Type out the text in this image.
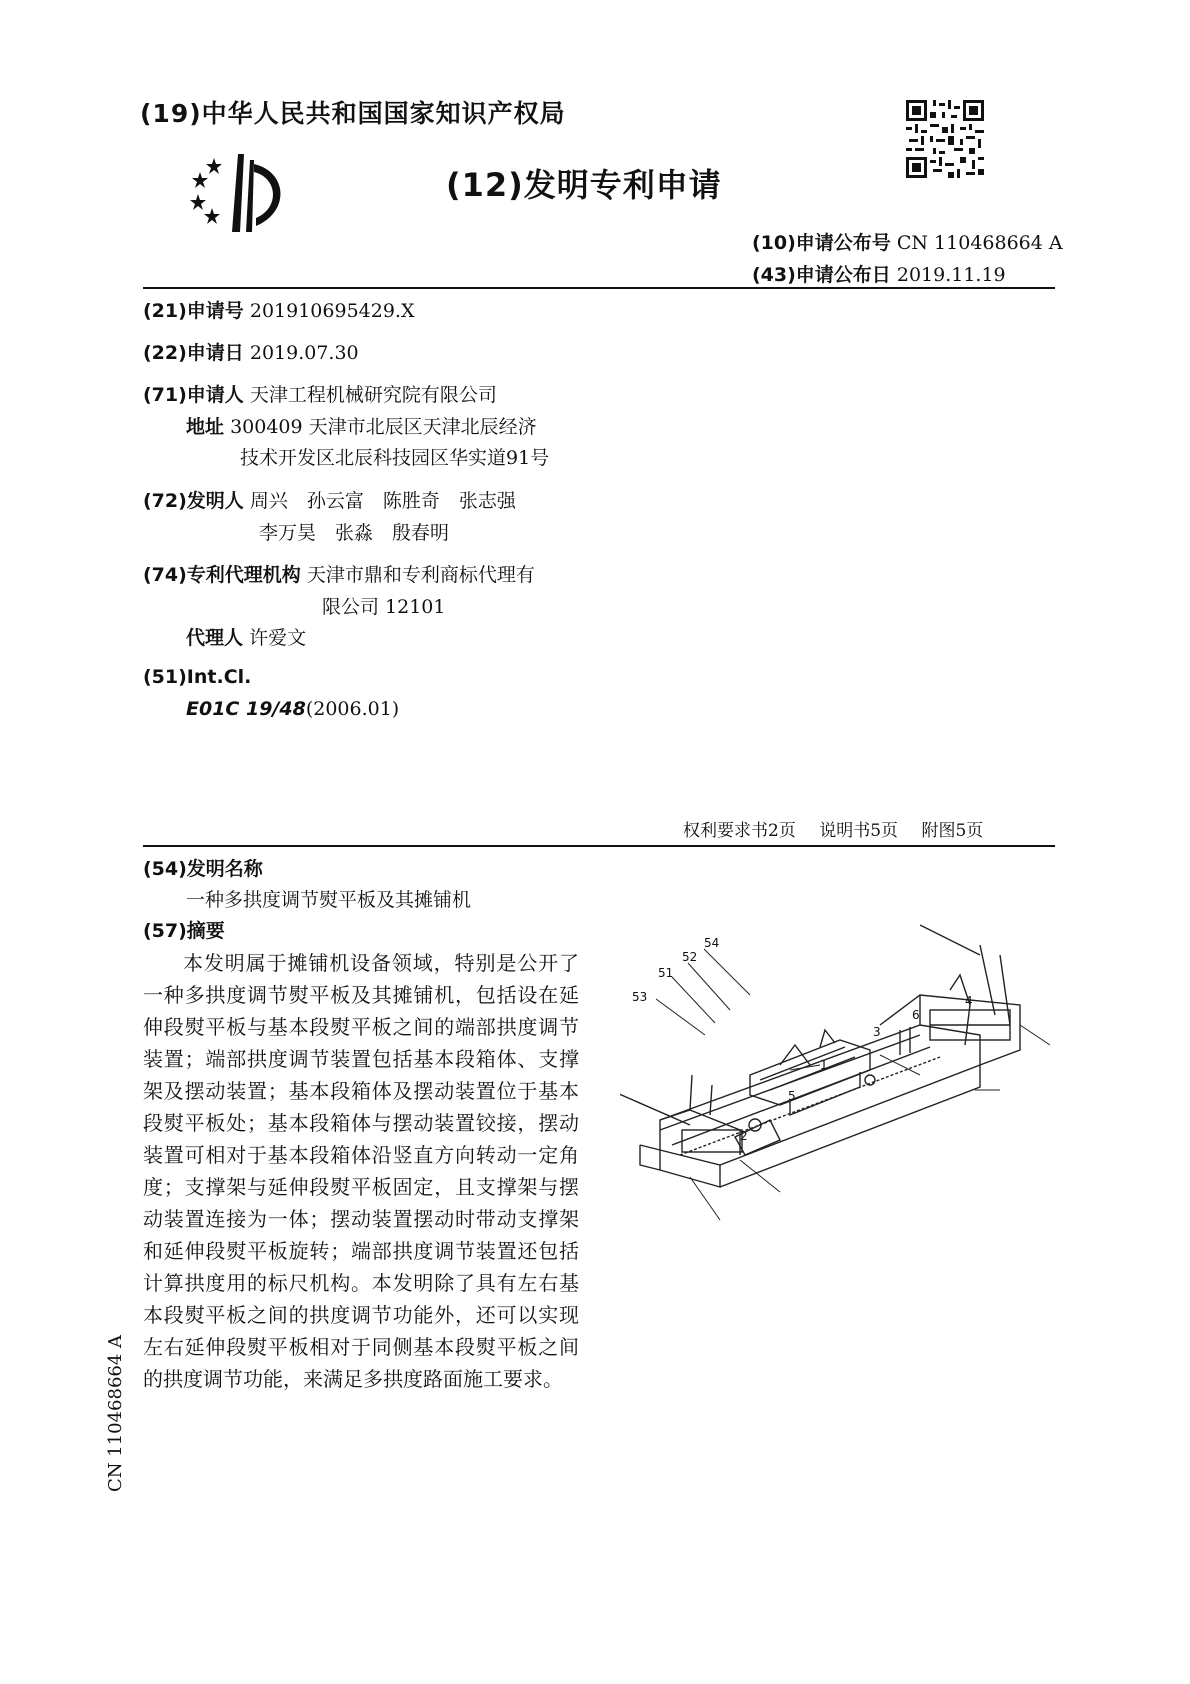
(19)中华人民共和国国家知识产权局
(12)发明专利申请
(10)申请公布号 CN 110468664 A
(43)申请公布日 2019.11.19
(21)申请号 201910695429.X
(22)申请日 2019.07.30
(71)申请人 天津工程机械研究院有限公司
地址 300409 天津市北辰区天津北辰经济
技术开发区北辰科技园区华实道91号
(72)发明人 周兴　孙云富　陈胜奇　张志强
李万昊　张淼　殷春明
(74)专利代理机构 天津市鼎和专利商标代理有
限公司 12101
代理人 许爱文
(51)Int.Cl.
E01C 19/48(2006.01)
权利要求书2页 说明书5页 附图5页
(54)发明名称
一种多拱度调节熨平板及其摊铺机
(57)摘要

本发明属于摊铺机设备领域，特别是公开了一种多拱度调节熨平板及其摊铺机，包括设在延伸段熨平板与基本段熨平板之间的端部拱度调节装置；端部拱度调节装置包括基本段箱体、支撑架及摆动装置；基本段箱体及摆动装置位于基本段熨平板处；基本段箱体与摆动装置铰接，摆动装置可相对于基本段箱体沿竖直方向转动一定角度；支撑架与延伸段熨平板固定，且支撑架与摆动装置连接为一体；摆动装置摆动时带动支撑架和延伸段熨平板旋转；端部拱度调节装置还包括计算拱度用的标尺机构。本发明除了具有左右基本段熨平板之间的拱度调节功能外，还可以实现左右延伸段熨平板相对于同侧基本段熨平板之间的拱度调节功能，来满足多拱度路面施工要求。

54
52
51
53
1
2
3
4
5
6
CN 110468664 A
